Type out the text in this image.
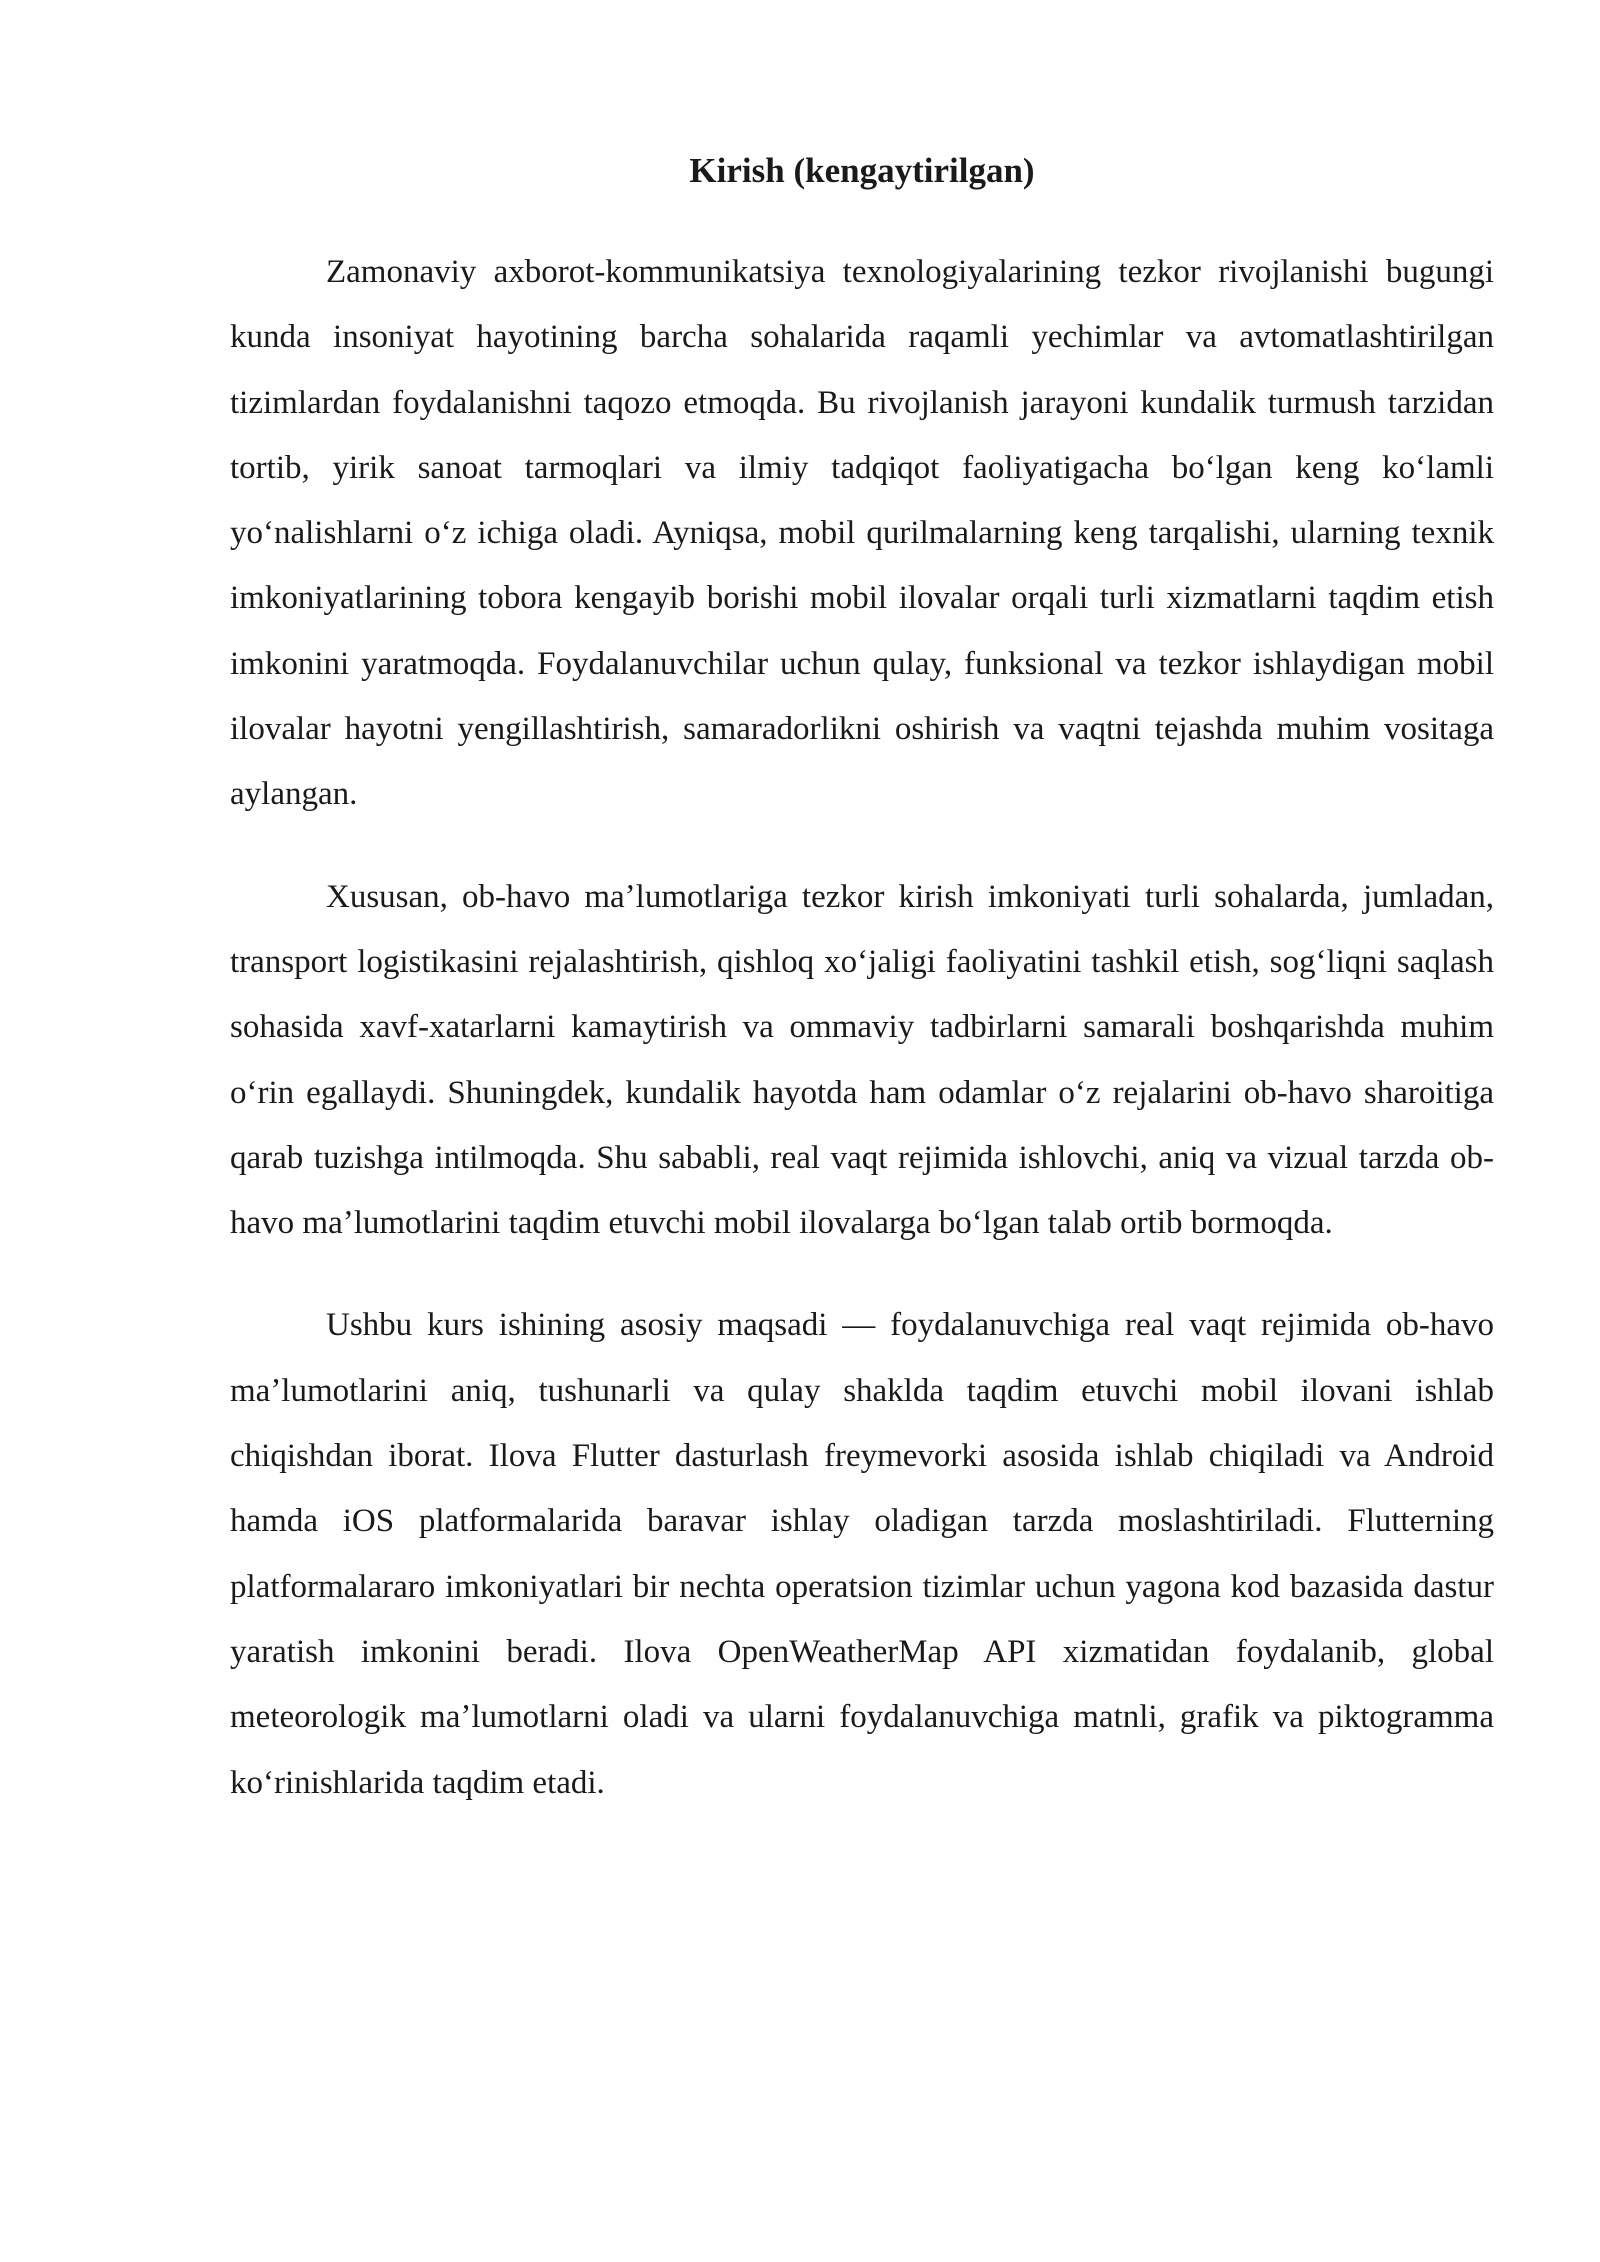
Kirish (kengaytirilgan)

Zamonaviy axborot-kommunikatsiya texnologiyalarining tezkor rivojlanishi bugungi kunda insoniyat hayotining barcha sohalarida raqamli yechimlar va avtomatlashtirilgan tizimlardan foydalanishni taqozo etmoqda. Bu rivojlanish jarayoni kundalik turmush tarzidan tortib, yirik sanoat tarmoqlari va ilmiy tadqiqot faoliyatigacha boʻlgan keng koʻlamli yoʻnalishlarni oʻz ichiga oladi. Ayniqsa, mobil qurilmalarning keng tarqalishi, ularning texnik imkoniyatlarining tobora kengayib borishi mobil ilovalar orqali turli xizmatlarni taqdim etish imkonini yaratmoqda. Foydalanuvchilar uchun qulay, funksional va tezkor ishlaydigan mobil ilovalar hayotni yengillashtirish, samaradorlikni oshirish va vaqtni tejashda muhim vositaga aylangan.

Xususan, ob-havo maʼlumotlariga tezkor kirish imkoniyati turli sohalarda, jumladan, transport logistikasini rejalashtirish, qishloq xoʻjaligi faoliyatini tashkil etish, sogʻliqni saqlash sohasida xavf-xatarlarni kamaytirish va ommaviy tadbirlarni samarali boshqarishda muhim oʻrin egallaydi. Shuningdek, kundalik hayotda ham odamlar oʻz rejalarini ob-havo sharoitiga qarab tuzishga intilmoqda. Shu sababli, real vaqt rejimida ishlovchi, aniq va vizual tarzda ob-havo maʼlumotlarini taqdim etuvchi mobil ilovalarga boʻlgan talab ortib bormoqda.

Ushbu kurs ishining asosiy maqsadi — foydalanuvchiga real vaqt rejimida ob-havo maʼlumotlarini aniq, tushunarli va qulay shaklda taqdim etuvchi mobil ilovani ishlab chiqishdan iborat. Ilova Flutter dasturlash freymevorki asosida ishlab chiqiladi va Android hamda iOS platformalarida baravar ishlay oladigan tarzda moslashtiriladi. Flutterning platformalararo imkoniyatlari bir nechta operatsion tizimlar uchun yagona kod bazasida dastur yaratish imkonini beradi. Ilova OpenWeatherMap API xizmatidan foydalanib, global meteorologik maʼlumotlarni oladi va ularni foydalanuvchiga matnli, grafik va piktogramma koʻrinishlarida taqdim etadi.
